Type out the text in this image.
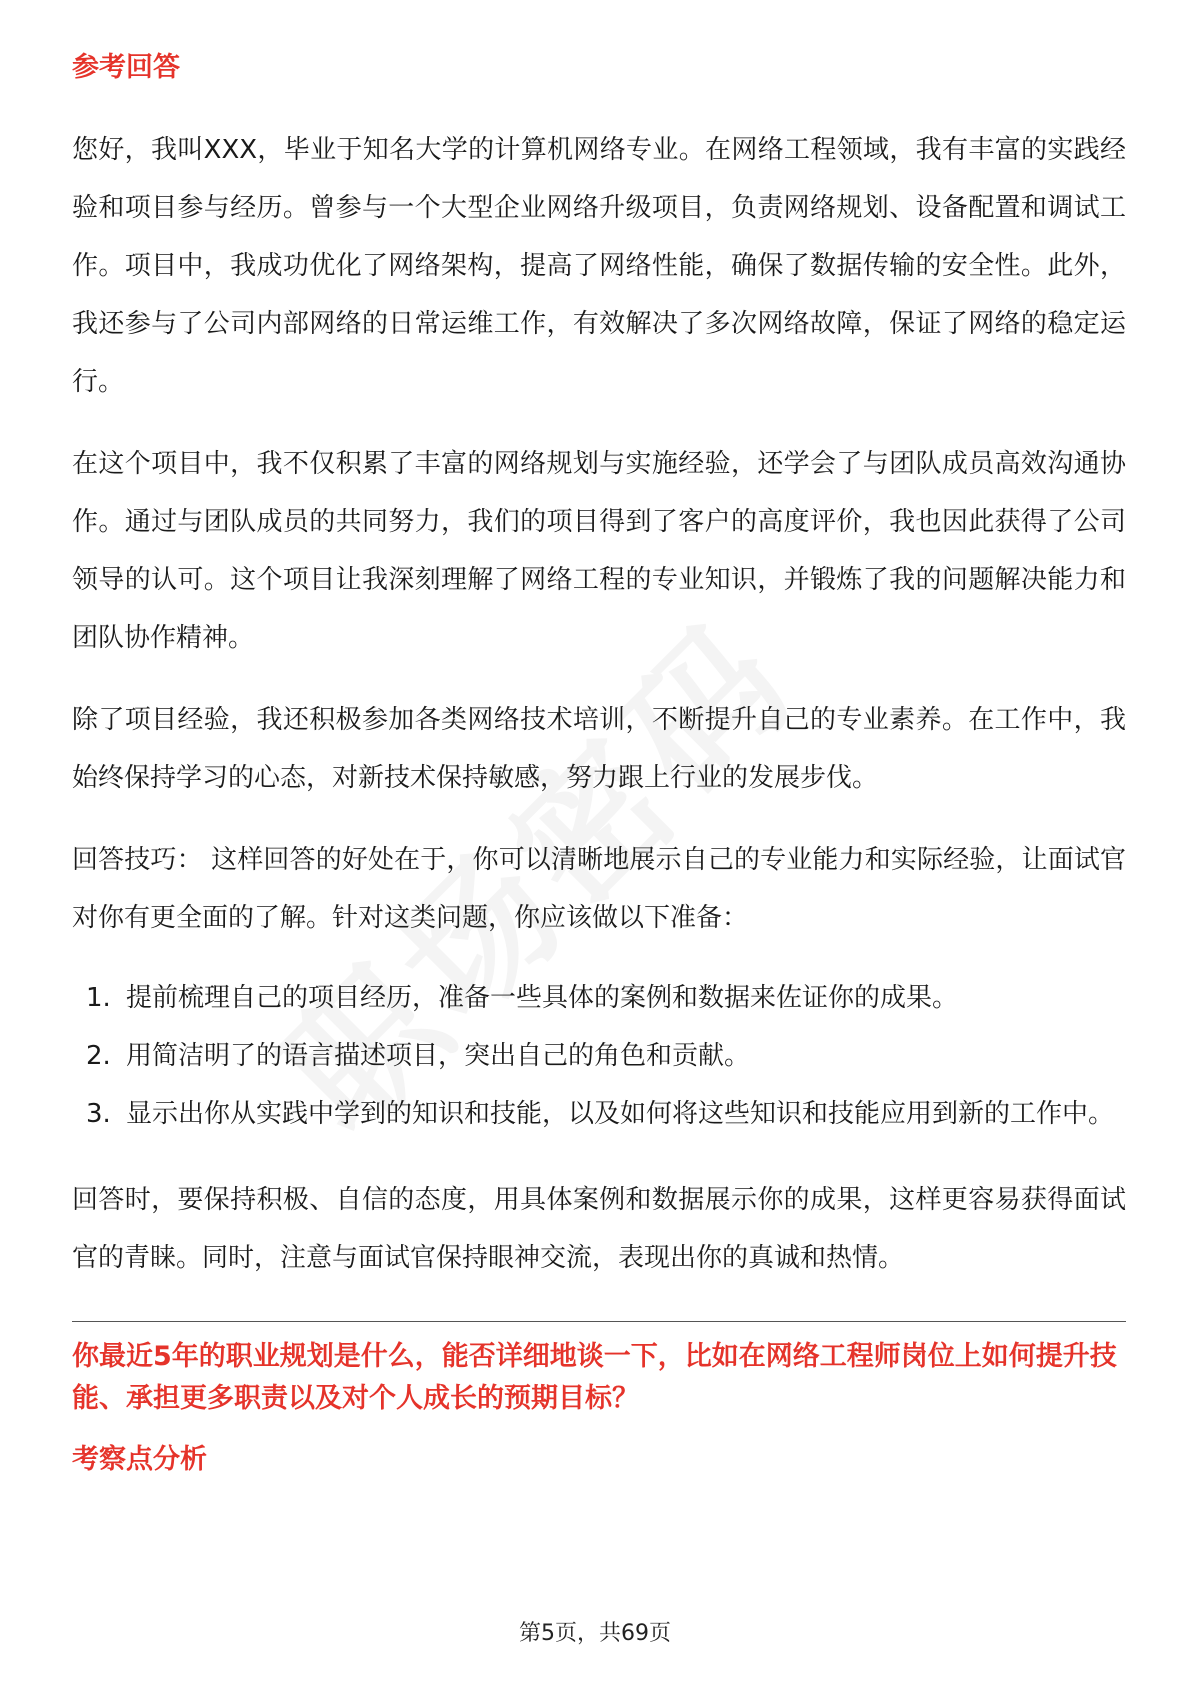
参考回答

您好，我叫XXX，毕业于知名大学的计算机网络专业。在网络工程领域，我有丰富的实践经验和项目参与经历。曾参与一个大型企业网络升级项目，负责网络规划、设备配置和调试工作。项目中，我成功优化了网络架构，提高了网络性能，确保了数据传输的安全性。此外，我还参与了公司内部网络的日常运维工作，有效解决了多次网络故障，保证了网络的稳定运行。

在这个项目中，我不仅积累了丰富的网络规划与实施经验，还学会了与团队成员高效沟通协作。通过与团队成员的共同努力，我们的项目得到了客户的高度评价，我也因此获得了公司领导的认可。这个项目让我深刻理解了网络工程的专业知识，并锻炼了我的问题解决能力和团队协作精神。

除了项目经验，我还积极参加各类网络技术培训，不断提升自己的专业素养。在工作中，我始终保持学习的心态，对新技术保持敏感，努力跟上行业的发展步伐。

回答技巧： 这样回答的好处在于，你可以清晰地展示自己的专业能力和实际经验，让面试官对你有更全面的了解。针对这类问题，你应该做以下准备：

1. 提前梳理自己的项目经历，准备一些具体的案例和数据来佐证你的成果。
2. 用简洁明了的语言描述项目，突出自己的角色和贡献。
3. 显示出你从实践中学到的知识和技能，以及如何将这些知识和技能应用到新的工作中。

回答时，要保持积极、自信的态度，用具体案例和数据展示你的成果，这样更容易获得面试官的青睐。同时，注意与面试官保持眼神交流，表现出你的真诚和热情。

你最近5年的职业规划是什么，能否详细地谈一下，比如在网络工程师岗位上如何提升技能、承担更多职责以及对个人成长的预期目标？
考察点分析
第5页，共69页
